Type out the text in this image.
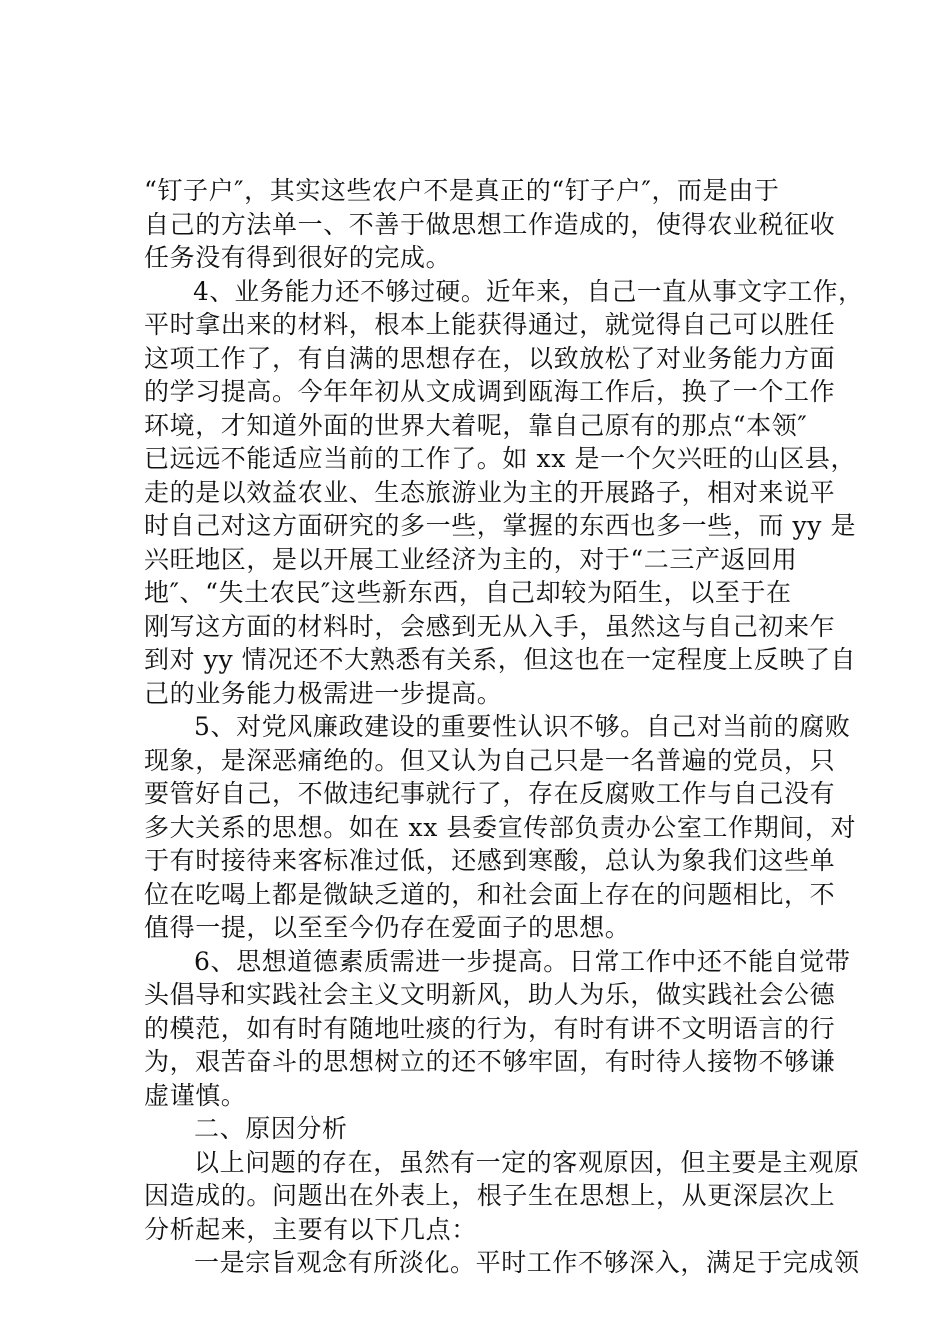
“钉子户″，其实这些农户不是真正的“钉子户″，而是由于
自己的方法单一、不善于做思想工作造成的，使得农业税征收
任务没有得到很好的完成。
4、业务能力还不够过硬。近年来，自己一直从事文字工作，
平时拿出来的材料，根本上能获得通过，就觉得自己可以胜任
这项工作了，有自满的思想存在，以致放松了对业务能力方面
的学习提高。今年年初从文成调到瓯海工作后，换了一个工作
环境，才知道外面的世界大着呢，靠自己原有的那点“本领″
已远远不能适应当前的工作了。如 xx 是一个欠兴旺的山区县，
走的是以效益农业、生态旅游业为主的开展路子，相对来说平
时自己对这方面研究的多一些，掌握的东西也多一些，而 yy 是
兴旺地区，是以开展工业经济为主的，对于“二三产返回用
地″、“失土农民″这些新东西，自己却较为陌生，以至于在
刚写这方面的材料时，会感到无从入手，虽然这与自己初来乍
到对 yy 情况还不大熟悉有关系，但这也在一定程度上反映了自
己的业务能力极需进一步提高。
5、对党风廉政建设的重要性认识不够。自己对当前的腐败
现象，是深恶痛绝的。但又认为自己只是一名普遍的党员，只
要管好自己，不做违纪事就行了，存在反腐败工作与自己没有
多大关系的思想。如在 xx 县委宣传部负责办公室工作期间，对
于有时接待来客标准过低，还感到寒酸，总认为象我们这些单
位在吃喝上都是微缺乏道的，和社会面上存在的问题相比，不
值得一提，以至至今仍存在爱面子的思想。
6、思想道德素质需进一步提高。日常工作中还不能自觉带
头倡导和实践社会主义文明新风，助人为乐，做实践社会公德
的模范，如有时有随地吐痰的行为，有时有讲不文明语言的行
为，艰苦奋斗的思想树立的还不够牢固，有时待人接物不够谦
虚谨慎。
二、原因分析
以上问题的存在，虽然有一定的客观原因，但主要是主观原
因造成的。问题出在外表上，根子生在思想上，从更深层次上
分析起来，主要有以下几点：
一是宗旨观念有所淡化。平时工作不够深入，满足于完成领
